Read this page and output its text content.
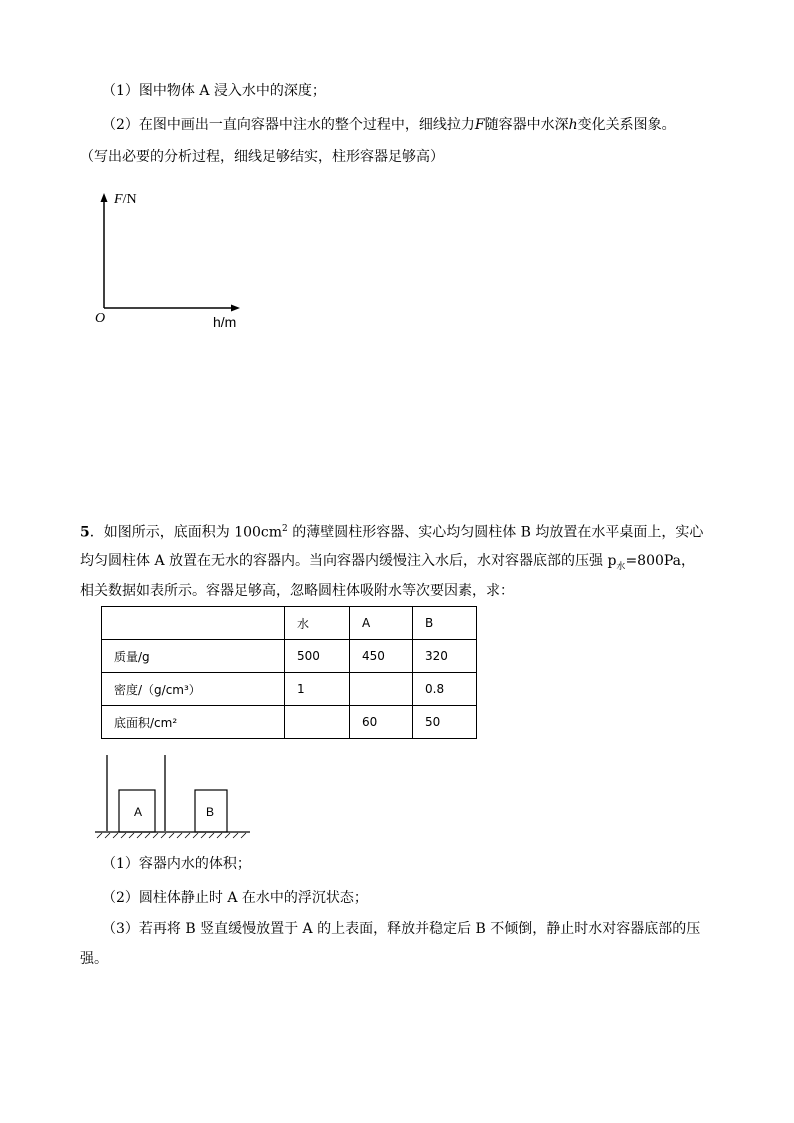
（1）图中物体 A 浸入水中的深度；
（2）在图中画出一直向容器中注水的整个过程中，细线拉力F随容器中水深h变化关系图象。
（写出必要的分析过程，细线足够结实，柱形容器足够高）
F/N
h/m
O
5．如图所示，底面积为 $100cm^2$ 的薄壁圆柱形容器、实心均匀圆柱体 B 均放置在水平桌面上，实心
均匀圆柱体 A 放置在无水的容器内。当向容器内缓慢注入水后，水对容器底部的压强 $p_水=800Pa$，
相关数据如表所示。容器足够高，忽略圆柱体吸附水等次要因素，求：
	水	A	B
质量/g	500	450	320
密度/（g/cm³）	1		0.8
底面积/cm²		60	50
A	B
（1）容器内水的体积；
（2）圆柱体静止时 A 在水中的浮沉状态；
（3）若再将 B 竖直缓慢放置于 A 的上表面，释放并稳定后 B 不倾倒，静止时水对容器底部的压
强。
